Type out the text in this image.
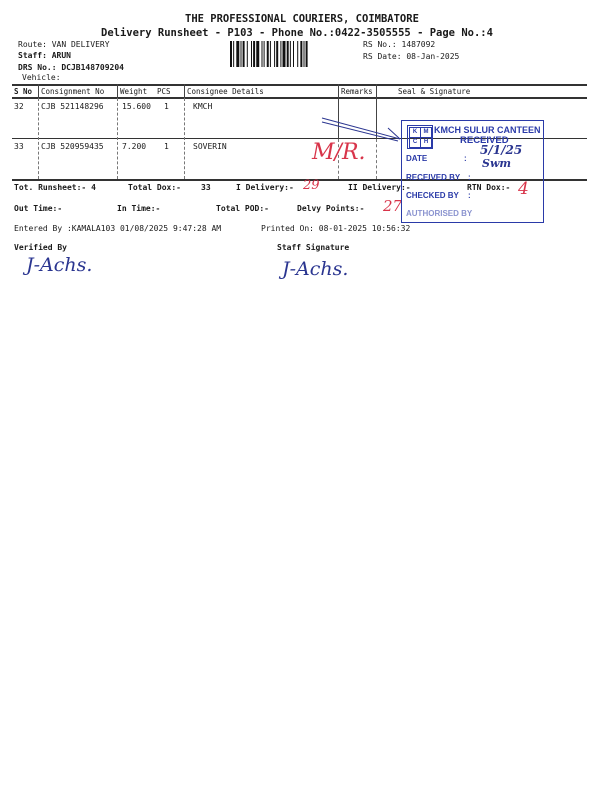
THE PROFESSIONAL COURIERS, COIMBATORE
Delivery Runsheet - P103 - Phone No.:0422-3505555 - Page No.:4
Route: VAN DELIVERY
Staff: ARUN
DRS No.: DCJB148709204
Vehicle:
RS No.: 1487092
RS Date: 08-Jan-2025
S No Consignment No Weight PCS Consignee Details	Remarks	Seal & Signature
32 CJB 521148296 15.600 1	KMCH
33 CJB 520959435 7.200 1	SOVERIN	M/R.
Tot. Runsheet:- 4	Total Dox:-	33	I Delivery:- 29	II Delivery:-	RTN Dox:- 4
Out Time:-	In Time:-	Total POD:-	Delvy Points:- 27
Entered By :KAMALA103 01/08/2025 9:47:28 AM	Printed On: 08-01-2025 10:56:32
K	M
C	H
KMCH SULUR CANTEEN
RECEIVED
DATE	:
RECEIVED BY :
CHECKED BY :
AUTHORISED BY
5/1/25
Swm
Verified By	Staff Signature
J-Achs.	J-Achs.
